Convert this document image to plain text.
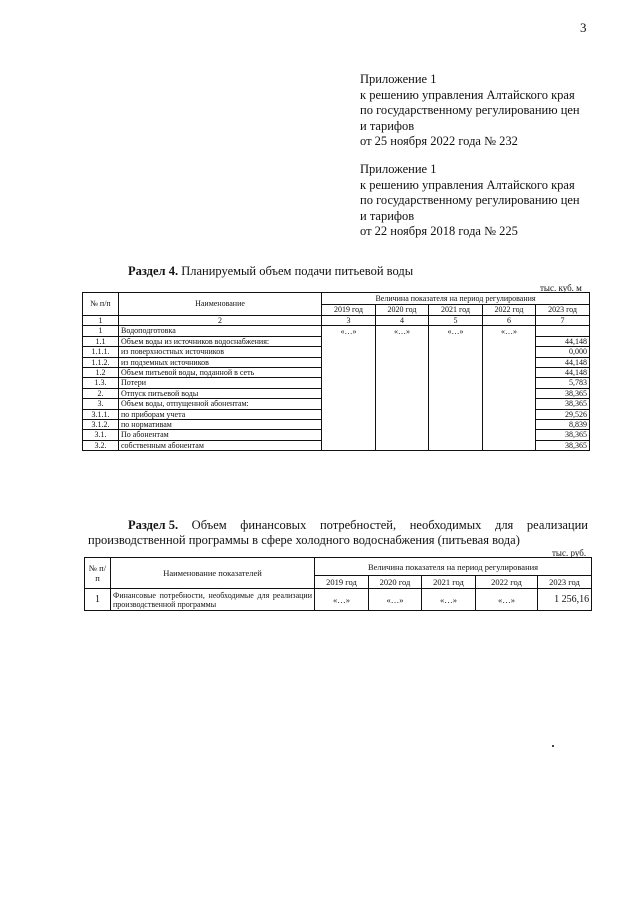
3
Приложение 1
к решению управления Алтайского края
по государственному регулированию цен
и тарифов
от 25 ноября 2022 года № 232
Приложение 1
к решению управления Алтайского края
по государственному регулированию цен
и тарифов
от 22 ноября 2018 года № 225
Раздел 4. Планируемый объем подачи питьевой воды
тыс. куб. м
№ п/п	Наименование	Величина показателя на период регулирования				
		2019 год	2020 год	2021 год	2022 год	2023 год
1	2	3	4	5	6	7
1	Водоподготовка	«…»	«…»	«…»	«…»	
1.1	Объем воды из источников водоснабжения:					44,148
1.1.1.	из поверхностных источников					0,000
1.1.2.	из подземных источников					44,148
1.2	Объем питьевой воды, поданной в сеть					44,148
1.3.	Потери					5,783
2.	Отпуск питьевой воды					38,365
3.	Объем воды, отпущенной абонентам:					38,365
3.1.1.	по приборам учета					29,526
3.1.2.	по нормативам					8,839
3.1.	По абонентам					38,365
3.2.	собственным абонентам					38,365
Раздел 5. Объем финансовых потребностей, необходимых для реализации
производственной программы в сфере холодного водоснабжения (питьевая вода)
тыс. руб.
№ п/п	Наименование показателей	Величина показателя на период регулирования				
		2019 год	2020 год	2021 год	2022 год	2023 год
1	Финансовые потребности, необходимые для реализации производственной программы	«…»	«…»	«…»	«…»	1 256,16
